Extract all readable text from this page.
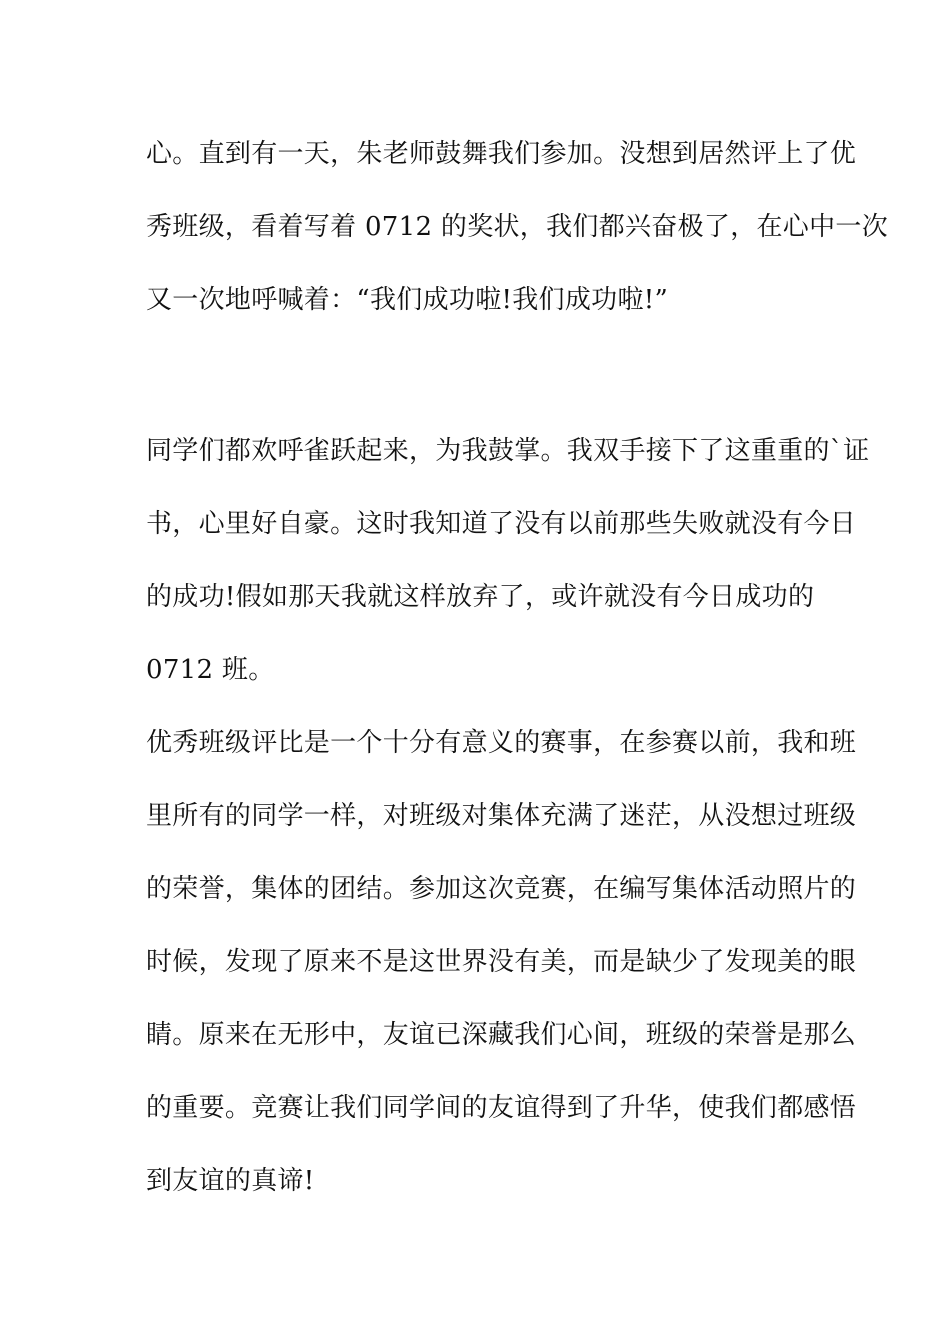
心。直到有一天，朱老师鼓舞我们参加。没想到居然评上了优
秀班级，看着写着 0712 的奖状，我们都兴奋极了，在心中一次
又一次地呼喊着：“我们成功啦!我们成功啦!”
同学们都欢呼雀跃起来，为我鼓掌。我双手接下了这重重的`证
书，心里好自豪。这时我知道了没有以前那些失败就没有今日
的成功!假如那天我就这样放弃了，或许就没有今日成功的
0712 班。
优秀班级评比是一个十分有意义的赛事，在参赛以前，我和班
里所有的同学一样，对班级对集体充满了迷茫，从没想过班级
的荣誉，集体的团结。参加这次竞赛，在编写集体活动照片的
时候，发现了原来不是这世界没有美，而是缺少了发现美的眼
睛。原来在无形中，友谊已深藏我们心间，班级的荣誉是那么
的重要。竞赛让我们同学间的友谊得到了升华，使我们都感悟
到友谊的真谛!
